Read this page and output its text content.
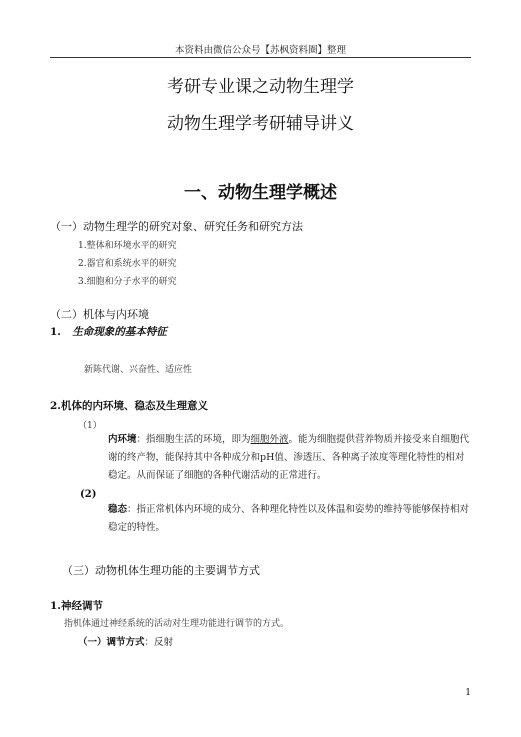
本资料由微信公众号【苏枫资料圈】整理
考研专业课之动物生理学
动物生理学考研辅导讲义
一、动物生理学概述
（一）动物生理学的研究对象、研究任务和研究方法
1.整体和环境水平的研究
2.器官和系统水平的研究
3.细胞和分子水平的研究
（二）机体与内环境
1. 生命现象的基本特征
新陈代谢、兴奋性、适应性
2.机体的内环境、稳态及生理意义
（1）
内环境：指细胞生活的环境，即为细胞外液。能为细胞提供营养物质并接受来自细胞代谢的终产物，能保持其中各种成分和pH值、渗透压、各种离子浓度等理化特性的相对稳定。从而保证了细胞的各种代谢活动的正常进行。
(2)
稳态：指正常机体内环境的成分、各种理化特性以及体温和姿势的维持等能够保持相对稳定的特性。
（三）动物机体生理功能的主要调节方式
1.神经调节
指机体通过神经系统的活动对生理功能进行调节的方式。
（一）调节方式：反射
1
